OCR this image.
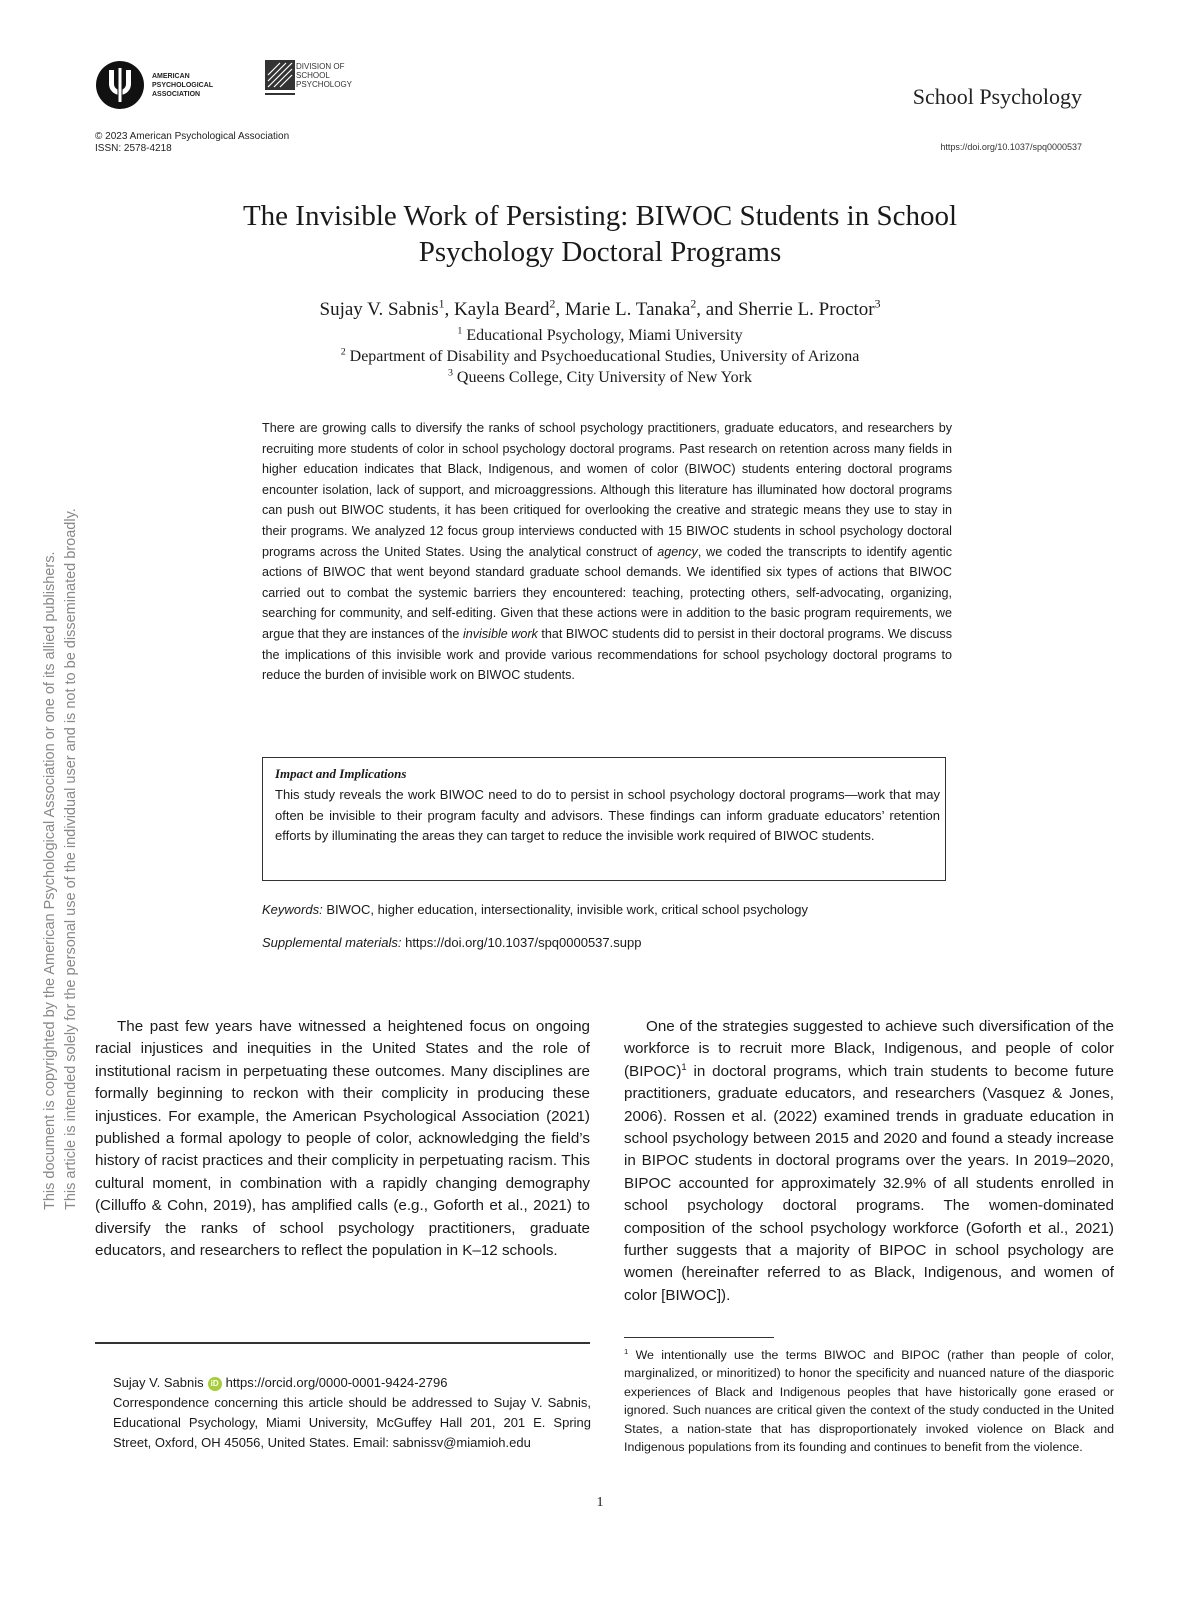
AMERICAN PSYCHOLOGICAL ASSOCIATION
DIVISION OF SCHOOL PSYCHOLOGY	School Psychology
© 2023 American Psychological Association
ISSN: 2578-4218	https://doi.org/10.1037/spq0000537
The Invisible Work of Persisting: BIWOC Students in School
Psychology Doctoral Programs
Sujay V. Sabnis$^1$, Kayla Beard$^2$, Marie L. Tanaka$^2$, and Sherrie L. Proctor$^3$
$^1$ Educational Psychology, Miami University
$^2$ Department of Disability and Psychoeducational Studies, University of Arizona
$^3$ Queens College, City University of New York
There are growing calls to diversify the ranks of school psychology practitioners, graduate educators, and researchers by recruiting more students of color in school psychology doctoral programs. Past research on retention across many fields in higher education indicates that Black, Indigenous, and women of color (BIWOC) students entering doctoral programs encounter isolation, lack of support, and microaggressions. Although this literature has illuminated how doctoral programs can push out BIWOC students, it has been critiqued for overlooking the creative and strategic means they use to stay in their programs. We analyzed 12 focus group interviews conducted with 15 BIWOC students in school psychology doctoral programs across the United States. Using the analytical construct of agency, we coded the transcripts to identify agentic actions of BIWOC that went beyond standard graduate school demands. We identified six types of actions that BIWOC carried out to combat the systemic barriers they encountered: teaching, protecting others, self-advocating, organizing, searching for community, and self-editing. Given that these actions were in addition to the basic program requirements, we argue that they are instances of the invisible work that BIWOC students did to persist in their doctoral programs. We discuss the implications of this invisible work and provide various recommendations for school psychology doctoral programs to reduce the burden of invisible work on BIWOC students.
Impact and Implications
This study reveals the work BIWOC need to do to persist in school psychology doctoral programs—work that may often be invisible to their program faculty and advisors. These findings can inform graduate educators’ retention efforts by illuminating the areas they can target to reduce the invisible work required of BIWOC students.
Keywords: BIWOC, higher education, intersectionality, invisible work, critical school psychology
Supplemental materials: https://doi.org/10.1037/spq0000537.supp

The past few years have witnessed a heightened focus on ongoing racial injustices and inequities in the United States and the role of institutional racism in perpetuating these outcomes. Many disciplines are formally beginning to reckon with their complicity in producing these injustices. For example, the American Psychological Association (2021) published a formal apology to people of color, acknowledging the field’s history of racist practices and their complicity in perpetuating racism. This cultural moment, in combination with a rapidly changing demography (Cilluffo & Cohn, 2019), has amplified calls (e.g., Goforth et al., 2021) to diversify the ranks of school psychology practitioners, graduate educators, and researchers to reflect the population in K–12 schools.

One of the strategies suggested to achieve such diversification of the workforce is to recruit more Black, Indigenous, and people of color (BIPOC)$^1$ in doctoral programs, which train students to become future practitioners, graduate educators, and researchers (Vasquez & Jones, 2006). Rossen et al. (2022) examined trends in graduate education in school psychology between 2015 and 2020 and found a steady increase in BIPOC students in doctoral programs over the years. In 2019–2020, BIPOC accounted for approximately 32.9% of all students enrolled in school psychology doctoral programs. The women-dominated composition of the school psychology workforce (Goforth et al., 2021) further suggests that a majority of BIPOC in school psychology are women (hereinafter referred to as Black, Indigenous, and women of color [BIWOC]).

Sujay V. Sabnis iD https://orcid.org/0000-0001-9424-2796
Correspondence concerning this article should be addressed to Sujay V. Sabnis, Educational Psychology, Miami University, McGuffey Hall 201, 201 E. Spring Street, Oxford, OH 45056, United States. Email: sabnissv@miamioh.edu
$^1$ We intentionally use the terms BIWOC and BIPOC (rather than people of color, marginalized, or minoritized) to honor the specificity and nuanced nature of the diasporic experiences of Black and Indigenous peoples that have historically gone erased or ignored. Such nuances are critical given the context of the study conducted in the United States, a nation-state that has disproportionately invoked violence on Black and Indigenous populations from its founding and continues to benefit from the violence.
1
This document is copyrighted by the American Psychological Association or one of its allied publishers. This article is intended solely for the personal use of the individual user and is not to be disseminated broadly.
